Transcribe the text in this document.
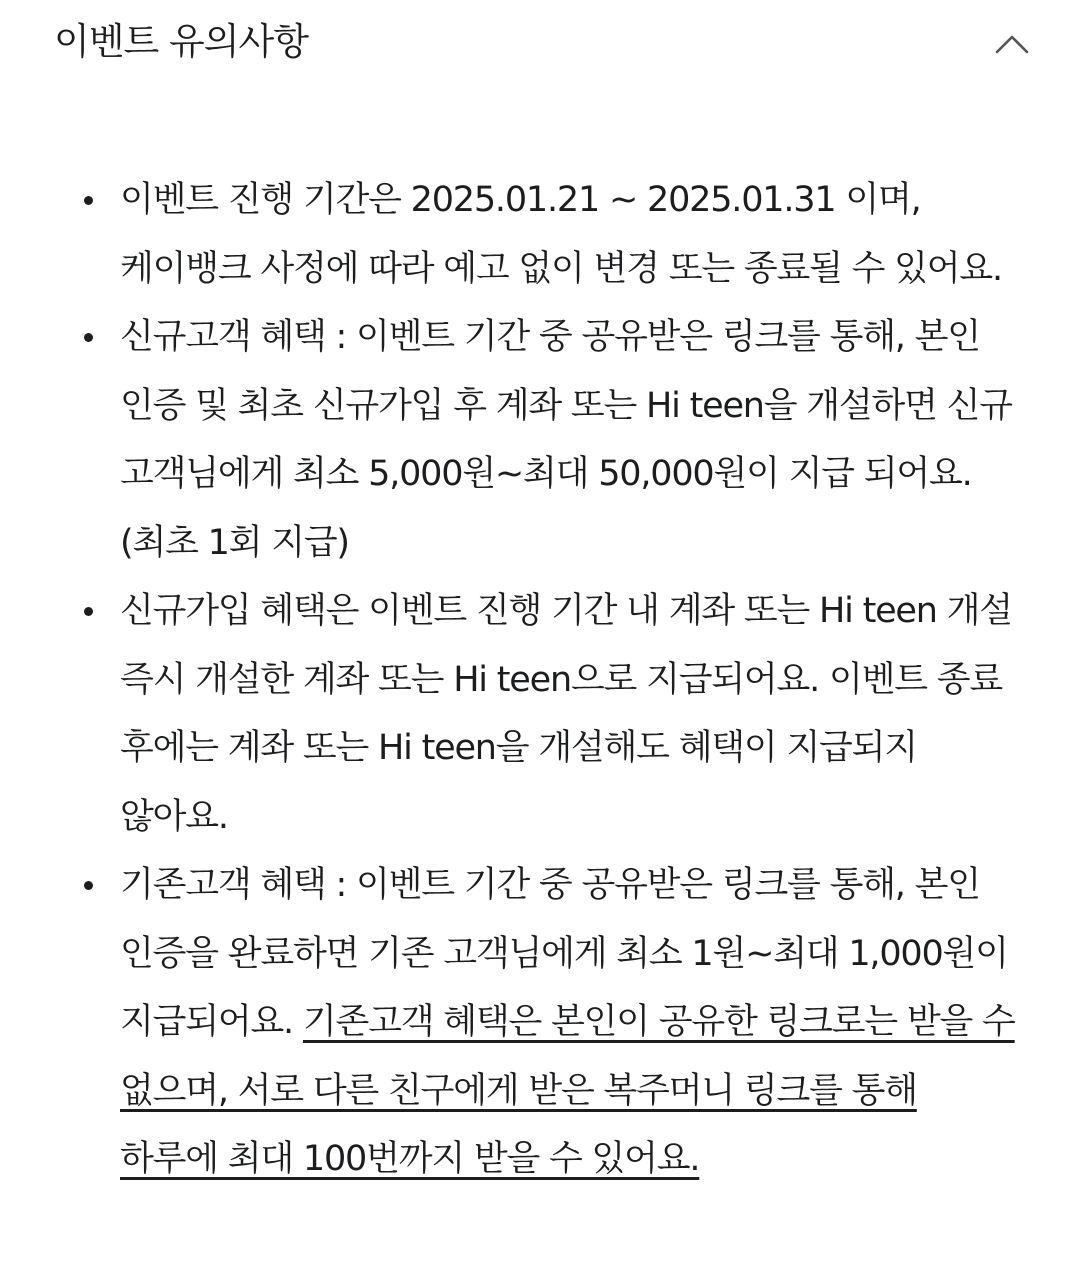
이벤트 유의사항
이벤트 진행 기간은 2025.01.21 ~ 2025.01.31 이며, 케이뱅크 사정에 따라 예고 없이 변경 또는 종료될 수 있어요.
신규고객 혜택 : 이벤트 기간 중 공유받은 링크를 통해, 본인 인증 및 최초 신규가입 후 계좌 또는 Hi teen을 개설하면 신규 고객님에게 최소 5,000원~최대 50,000원이 지급 되어요. (최초 1회 지급)
신규가입 혜택은 이벤트 진행 기간 내 계좌 또는 Hi teen 개설 즉시 개설한 계좌 또는 Hi teen으로 지급되어요. 이벤트 종료 후에는 계좌 또는 Hi teen을 개설해도 혜택이 지급되지 않아요.
기존고객 혜택 : 이벤트 기간 중 공유받은 링크를 통해, 본인 인증을 완료하면 기존 고객님에게 최소 1원~최대 1,000원이 지급되어요. 기존고객 혜택은 본인이 공유한 링크로는 받을 수 없으며, 서로 다른 친구에게 받은 복주머니 링크를 통해 하루에 최대 100번까지 받을 수 있어요.
